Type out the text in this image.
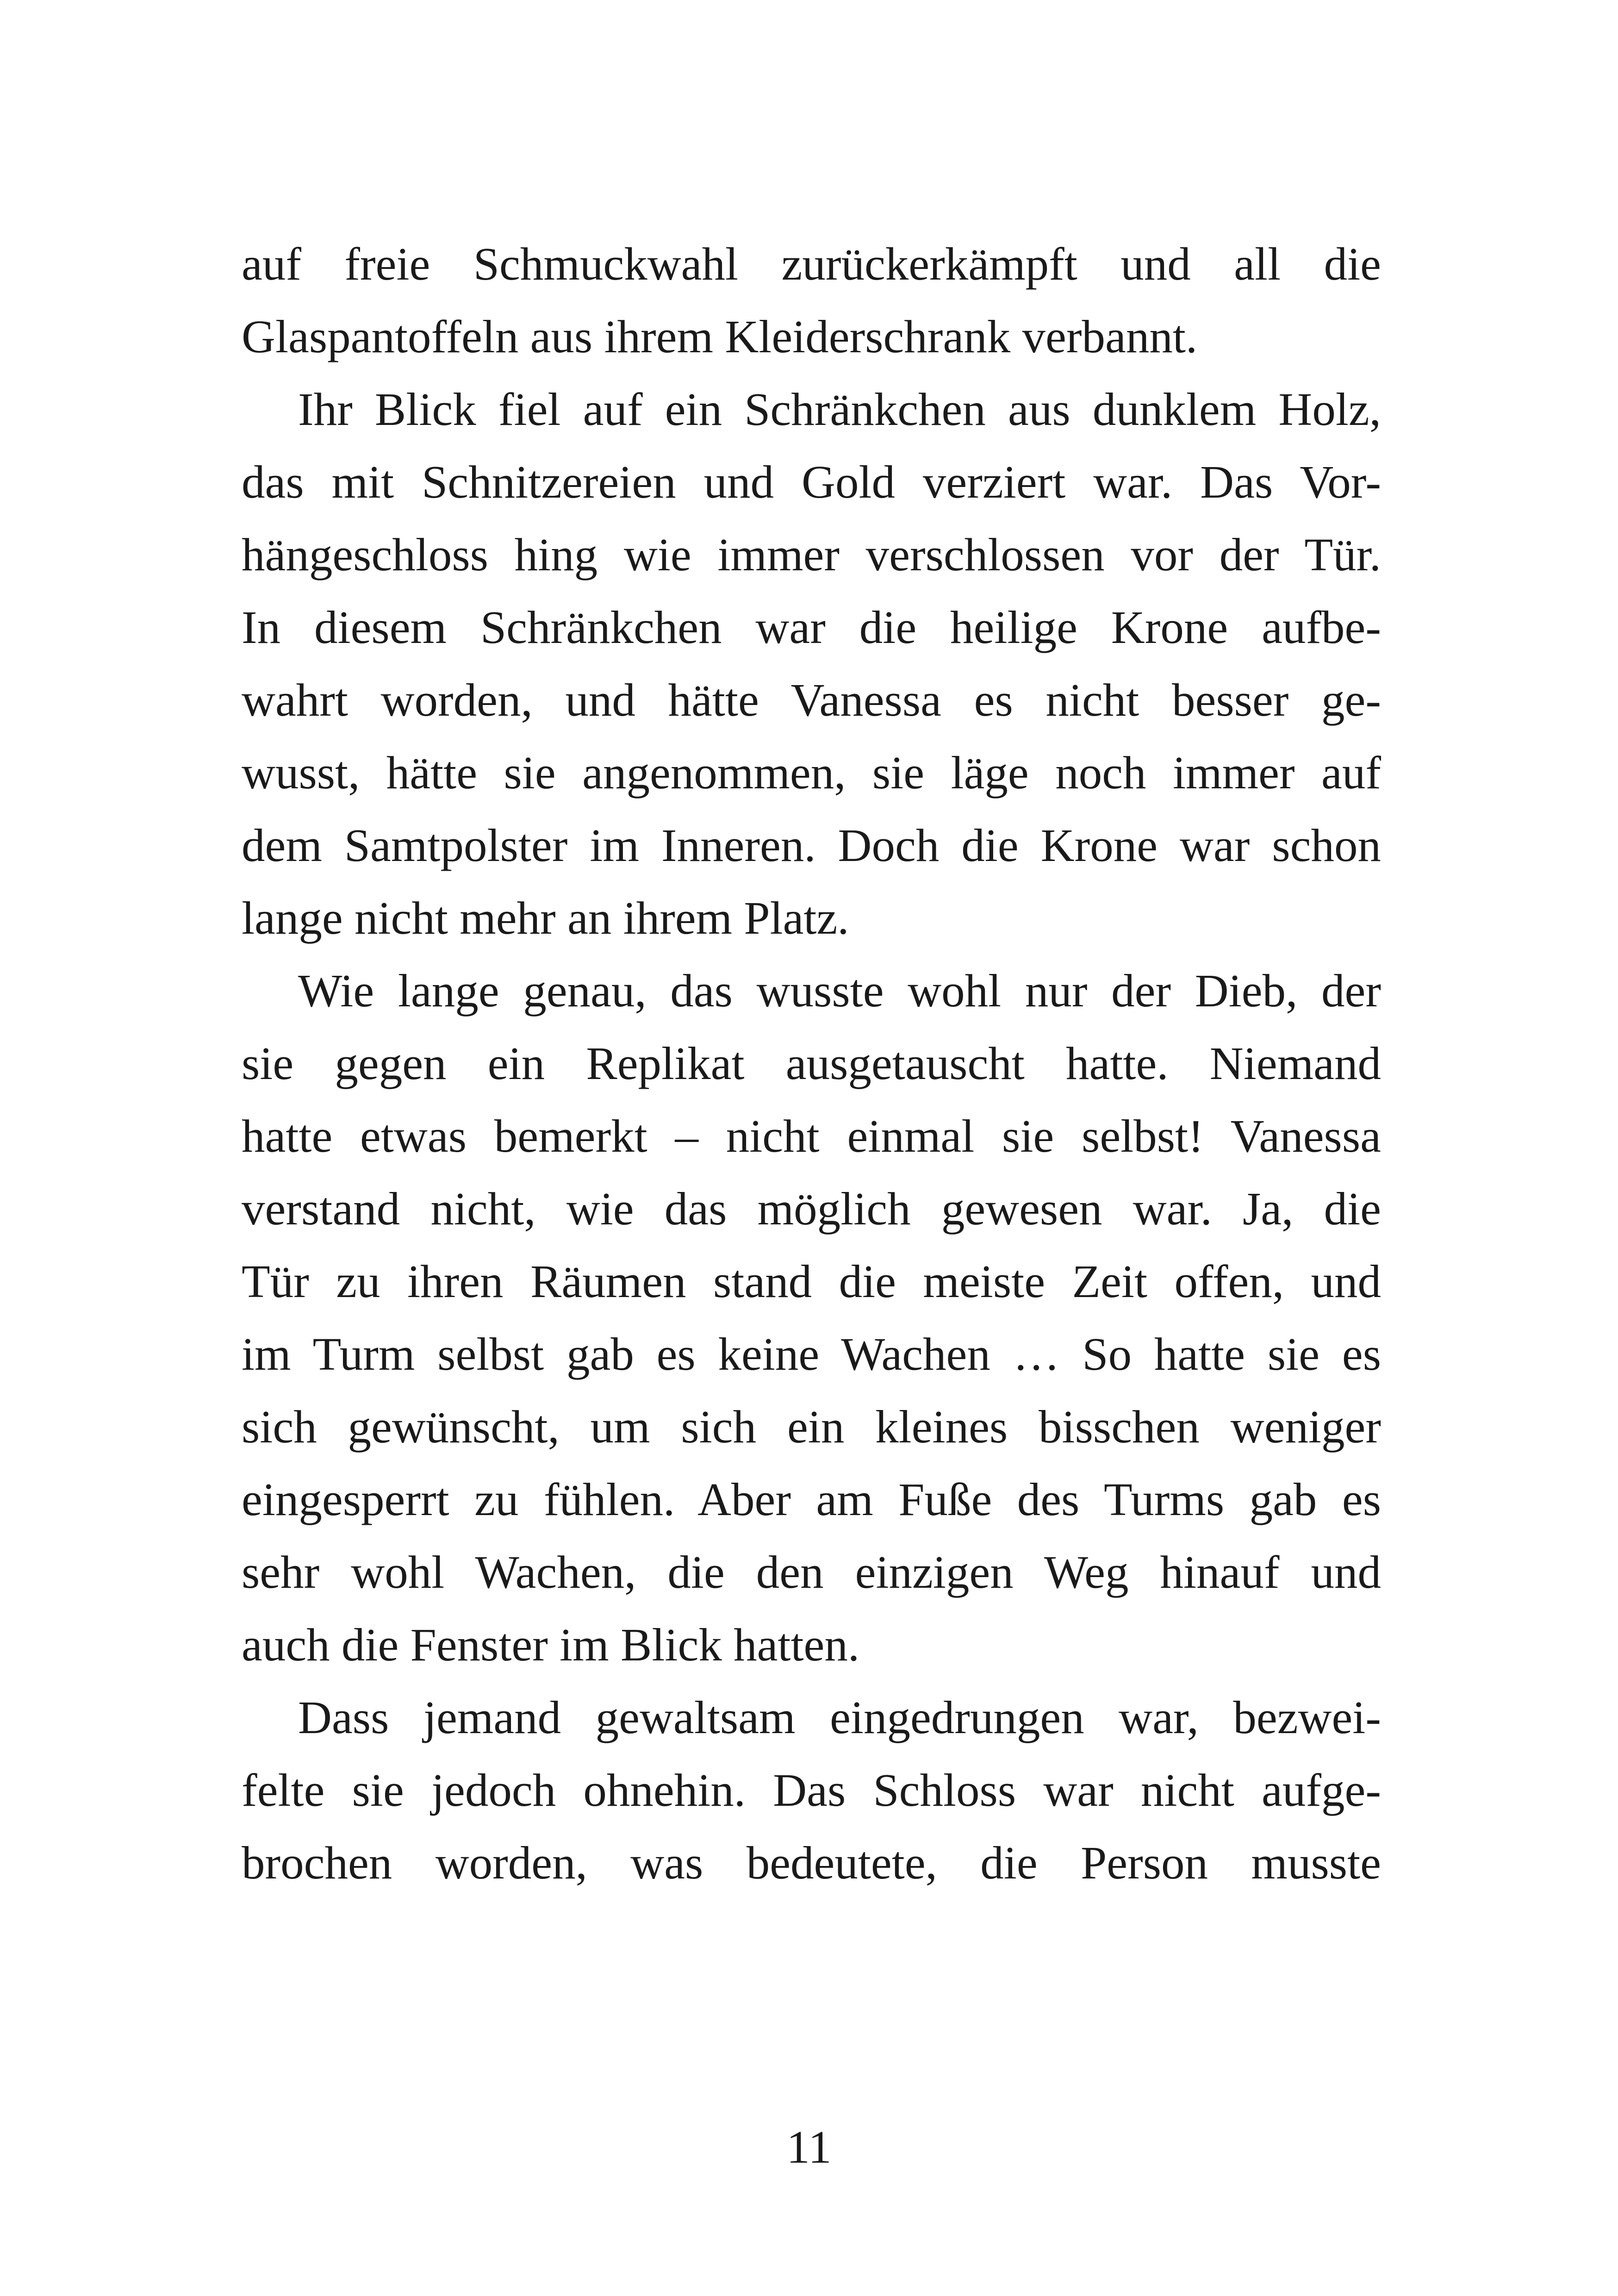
auf freie Schmuckwahl zurückerkämpft und all die
Glaspantoffeln aus ihrem Kleiderschrank verbannt.

Ihr Blick fiel auf ein Schränkchen aus dunklem Holz,
das mit Schnitzereien und Gold verziert war. Das Vor-
hängeschloss hing wie immer verschlossen vor der Tür.
In diesem Schränkchen war die heilige Krone aufbe-
wahrt worden, und hätte Vanessa es nicht besser ge-
wusst, hätte sie angenommen, sie läge noch immer auf
dem Samtpolster im Inneren. Doch die Krone war schon
lange nicht mehr an ihrem Platz.

Wie lange genau, das wusste wohl nur der Dieb, der
sie gegen ein Replikat ausgetauscht hatte. Niemand
hatte etwas bemerkt – nicht einmal sie selbst! Vanessa
verstand nicht, wie das möglich gewesen war. Ja, die
Tür zu ihren Räumen stand die meiste Zeit offen, und
im Turm selbst gab es keine Wachen … So hatte sie es
sich gewünscht, um sich ein kleines bisschen weniger
eingesperrt zu fühlen. Aber am Fuße des Turms gab es
sehr wohl Wachen, die den einzigen Weg hinauf und
auch die Fenster im Blick hatten.

Dass jemand gewaltsam eingedrungen war, bezwei-
felte sie jedoch ohnehin. Das Schloss war nicht aufge-
brochen worden, was bedeutete, die Person musste

11
